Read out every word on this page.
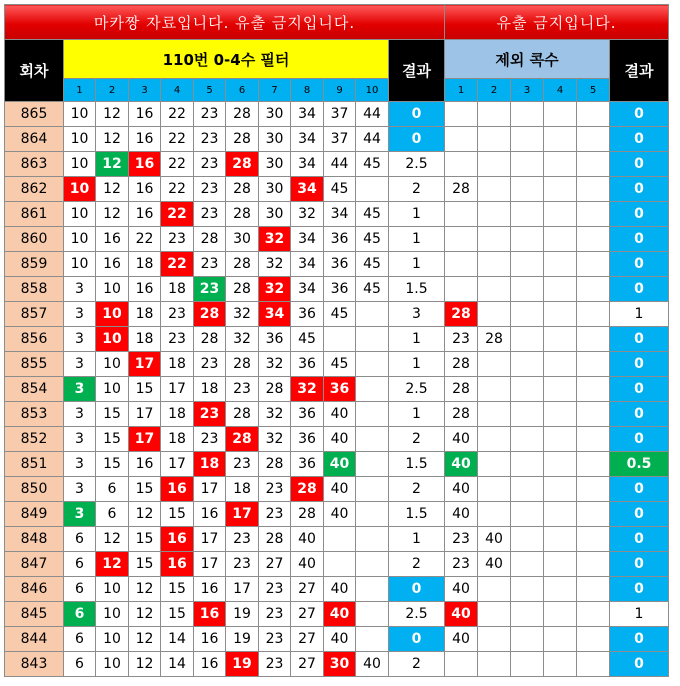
마카짱 자료입니다. 유출 금지입니다.												유출 금지입니다.					
회차	110번 0-4수 필터										결과	제외 콕수					결과
	1	2	3	4	5	6	7	8	9	10		1	2	3	4	5	
865	10	12	16	22	23	28	30	34	37	44	0						0
864	10	12	16	22	23	28	30	34	37	44	0						0
863	10	12	16	22	23	28	30	34	44	45	2.5						0
862	10	12	16	22	23	28	30	34	45		2	28					0
861	10	12	16	22	23	28	30	32	34	45	1						0
860	10	16	22	23	28	30	32	34	36	45	1						0
859	10	16	18	22	23	28	32	34	36	45	1						0
858	3	10	16	18	23	28	32	34	36	45	1.5						0
857	3	10	18	23	28	32	34	36	45		3	28					1
856	3	10	18	23	28	32	36	45			1	23	28				0
855	3	10	17	18	23	28	32	36	45		1	28					0
854	3	10	15	17	18	23	28	32	36		2.5	28					0
853	3	15	17	18	23	28	32	36	40		1	28					0
852	3	15	17	18	23	28	32	36	40		2	40					0
851	3	15	16	17	18	23	28	36	40		1.5	40					0.5
850	3	6	15	16	17	18	23	28	40		2	40					0
849	3	6	12	15	16	17	23	28	40		1.5	40					0
848	6	12	15	16	17	23	28	40			1	23	40				0
847	6	12	15	16	17	23	27	40			2	23	40				0
846	6	10	12	15	16	17	23	27	40		0	40					0
845	6	10	12	15	16	19	23	27	40		2.5	40					1
844	6	10	12	14	16	19	23	27	40		0	40					0
843	6	10	12	14	16	19	23	27	30	40	2						0
